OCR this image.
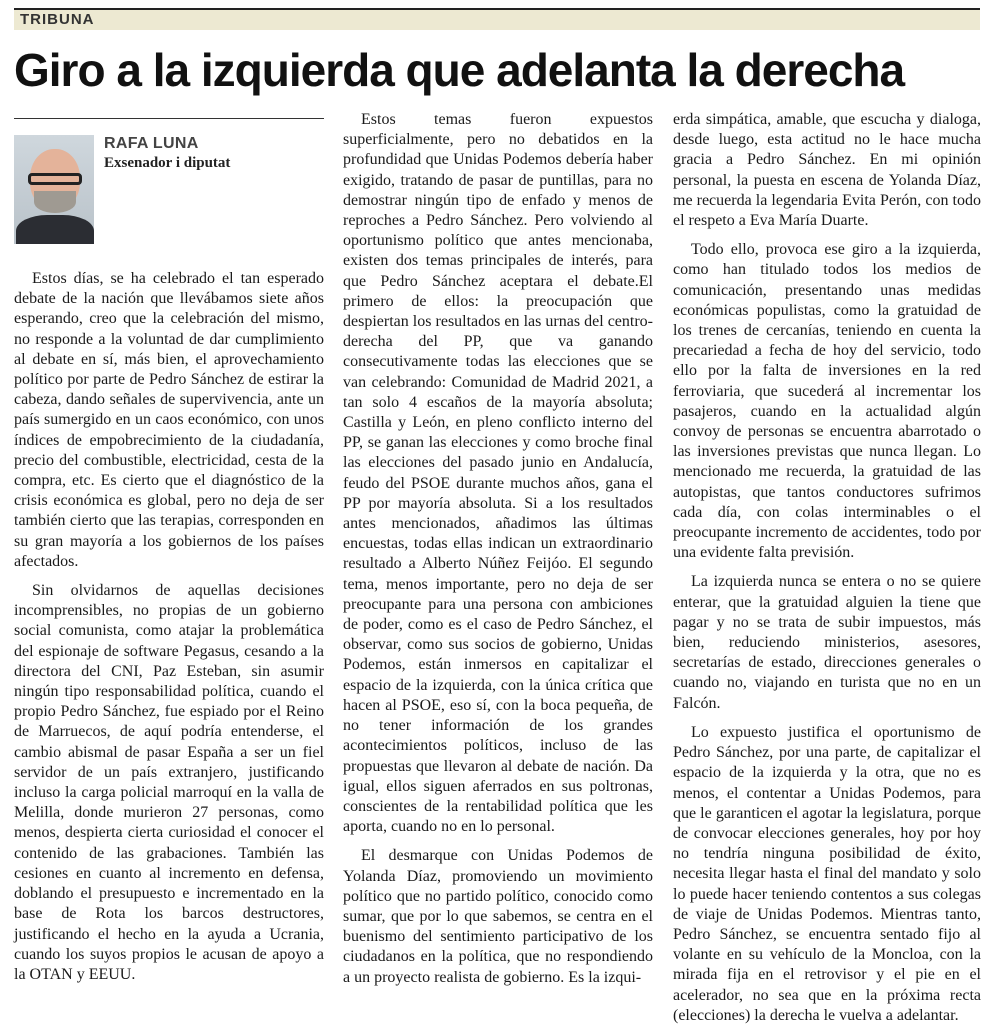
TRIBUNA
Giro a la izquierda que adelanta la derecha

RAFA LUNA

Exsenador i diputat

Estos días, se ha celebrado el tan esperado debate de la nación que llevábamos siete años esperando, creo que la celebración del mismo, no responde a la voluntad de dar cumplimiento al debate en sí, más bien, el aprovechamiento político por parte de Pedro Sánchez de estirar la cabeza, dando señales de supervivencia, ante un país sumergido en un caos económico, con unos índices de empobrecimiento de la ciudadanía, precio del combustible, electricidad, cesta de la compra, etc. Es cierto que el diagnóstico de la crisis económica es global, pero no deja de ser también cierto que las terapias, corresponden en su gran mayoría a los gobiernos de los países afectados.

Sin olvidarnos de aquellas decisiones incomprensibles, no propias de un gobierno social comunista, como atajar la problemática del espionaje de software Pegasus, cesando a la directora del CNI, Paz Esteban, sin asumir ningún tipo responsabilidad política, cuando el propio Pedro Sánchez, fue espiado por el Reino de Marruecos, de aquí podría entenderse, el cambio abismal de pasar España a ser un fiel servidor de un país extranjero, justificando incluso la carga policial marroquí en la valla de Melilla, donde murieron 27 personas, como menos, despierta cierta curiosidad el conocer el contenido de las grabaciones. También las cesiones en cuanto al incremento en defensa, doblando el presupuesto e incrementado en la base de Rota los barcos destructores, justificando el hecho en la ayuda a Ucrania, cuando los suyos propios le acusan de apoyo a la OTAN y EEUU.

Estos temas fueron expuestos superficialmente, pero no debatidos en la profundidad que Unidas Podemos debería haber exigido, tratando de pasar de puntillas, para no demostrar ningún tipo de enfado y menos de reproches a Pedro Sánchez. Pero volviendo al oportunismo político que antes mencionaba, existen dos temas principales de interés, para que Pedro Sánchez aceptara el debate.El primero de ellos: la preocupación que despiertan los resultados en las urnas del centro-derecha del PP, que va ganando consecutivamente todas las elecciones que se van celebrando: Comunidad de Madrid 2021, a tan solo 4 escaños de la mayoría absoluta; Castilla y León, en pleno conflicto interno del PP, se ganan las elecciones y como broche final las elecciones del pasado junio en Andalucía, feudo del PSOE durante muchos años, gana el PP por mayoría absoluta. Si a los resultados antes mencionados, añadimos las últimas encuestas, todas ellas indican un extraordinario resultado a Alberto Núñez Feijóo. El segundo tema, menos importante, pero no deja de ser preocupante para una persona con ambiciones de poder, como es el caso de Pedro Sánchez, el observar, como sus socios de gobierno, Unidas Podemos, están inmersos en capitalizar el espacio de la izquierda, con la única crítica que hacen al PSOE, eso sí, con la boca pequeña, de no tener información de los grandes acontecimientos políticos, incluso de las propuestas que llevaron al debate de nación. Da igual, ellos siguen aferrados en sus poltronas, conscientes de la rentabilidad política que les aporta, cuando no en lo personal.

El desmarque con Unidas Podemos de Yolanda Díaz, promoviendo un movimiento político que no partido político, conocido como sumar, que por lo que sabemos, se centra en el buenismo del sentimiento participativo de los ciudadanos en la política, que no respondiendo a un proyecto realista de gobierno. Es la izqui-

erda simpática, amable, que escucha y dialoga, desde luego, esta actitud no le hace mucha gracia a Pedro Sánchez. En mi opinión personal, la puesta en escena de Yolanda Díaz, me recuerda la legendaria Evita Perón, con todo el respeto a Eva María Duarte.

Todo ello, provoca ese giro a la izquierda, como han titulado todos los medios de comunicación, presentando unas medidas económicas populistas, como la gratuidad de los trenes de cercanías, teniendo en cuenta la precariedad a fecha de hoy del servicio, todo ello por la falta de inversiones en la red ferroviaria, que sucederá al incrementar los pasajeros, cuando en la actualidad algún convoy de personas se encuentra abarrotado o las inversiones previstas que nunca llegan. Lo mencionado me recuerda, la gratuidad de las autopistas, que tantos conductores sufrimos cada día, con colas interminables o el preocupante incremento de accidentes, todo por una evidente falta previsión.

La izquierda nunca se entera o no se quiere enterar, que la gratuidad alguien la tiene que pagar y no se trata de subir impuestos, más bien, reduciendo ministerios, asesores, secretarías de estado, direcciones generales o cuando no, viajando en turista que no en un Falcón.

Lo expuesto justifica el oportunismo de Pedro Sánchez, por una parte, de capitalizar el espacio de la izquierda y la otra, que no es menos, el contentar a Unidas Podemos, para que le garanticen el agotar la legislatura, porque de convocar elecciones generales, hoy por hoy no tendría ninguna posibilidad de éxito, necesita llegar hasta el final del mandato y solo lo puede hacer teniendo contentos a sus colegas de viaje de Unidas Podemos. Mientras tanto, Pedro Sánchez, se encuentra sentado fijo al volante en su vehículo de la Moncloa, con la mirada fija en el retrovisor y el pie en el acelerador, no sea que en la próxima recta (elecciones) la derecha le vuelva a adelantar.
